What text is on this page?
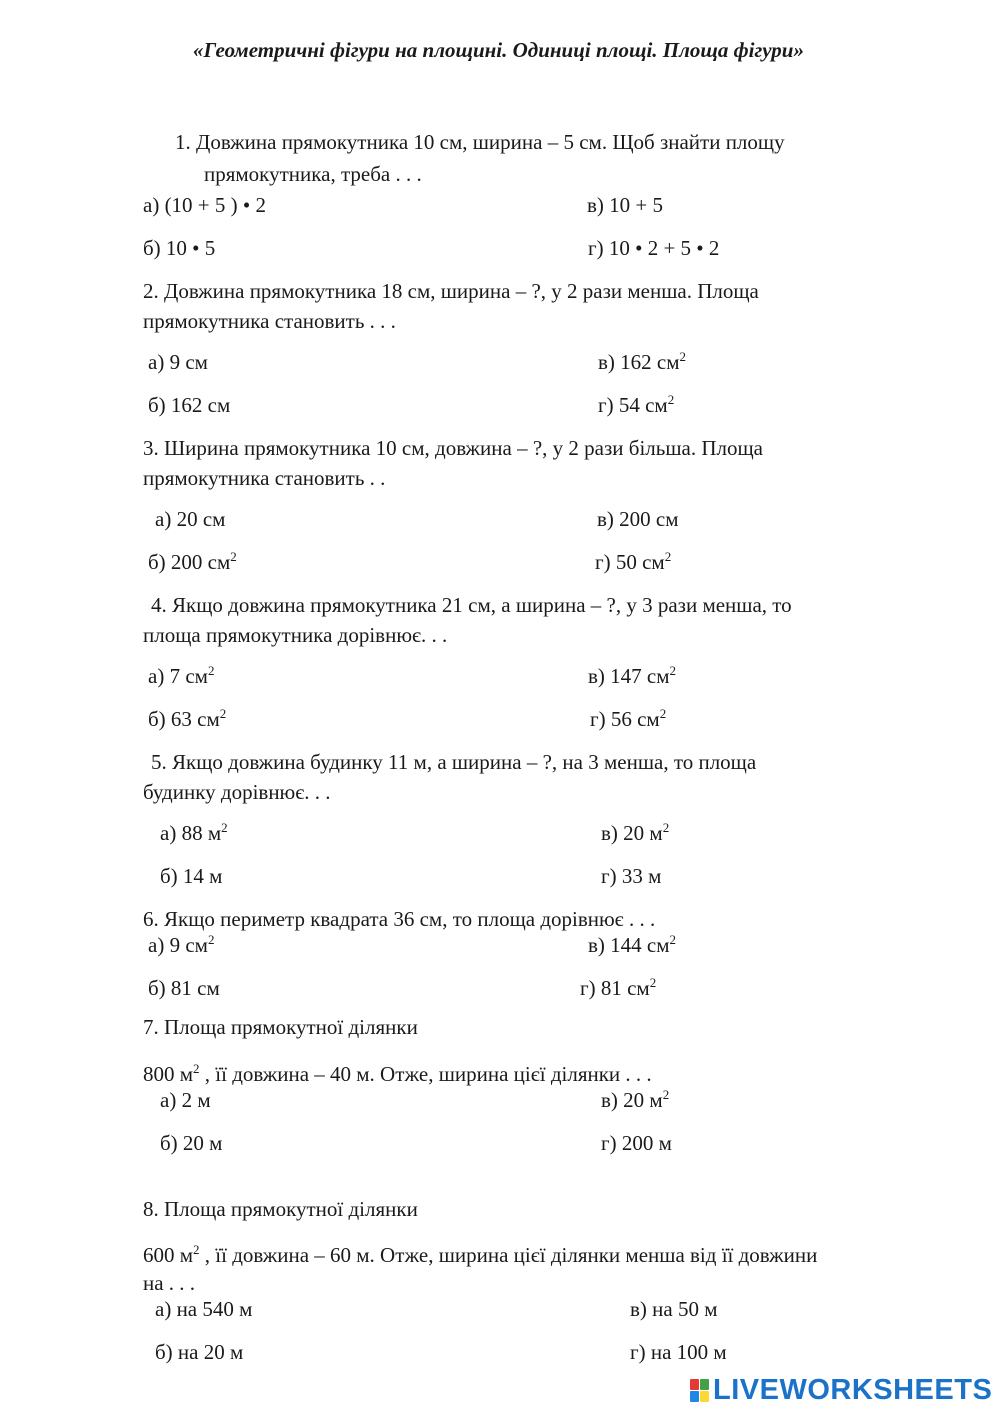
«Геометричні фігури на площині. Одиниці площі. Площа фігури»
1. Довжина прямокутника 10 см, ширина – 5 см. Щоб знайти площу
прямокутника, треба . . .
а) (10 + 5 ) • 2	в) 10 + 5
б) 10 • 5	г) 10 • 2 + 5 • 2
2. Довжина прямокутника 18 см, ширина – ?, у 2 рази менша. Площа
прямокутника становить . . .
а) 9 см	в) 162 $см^2$
б) 162 см	г) 54 $см^2$
3. Ширина прямокутника 10 см, довжина – ?, у 2 рази більша. Площа
прямокутника становить . .
а) 20 см	в) 200 см
б) 200 $см^2$	г) 50 $см^2$
4. Якщо довжина прямокутника 21 см, а ширина – ?, у 3 рази менша, то
площа прямокутника дорівнює. . .
а) 7 $см^2$	в) 147 $см^2$
б) 63 $см^2$	г) 56 $см^2$
5. Якщо довжина будинку 11 м, а ширина – ?, на 3 менша, то площа
будинку дорівнює. . .
а) 88 $м^2$	в) 20 $м^2$
б) 14 м	г) 33 м
6. Якщо периметр квадрата 36 см, то площа дорівнює . . .
а) 9 $см^2$	в) 144 $см^2$
б) 81 см	г) 81 $см^2$
7. Площа прямокутної ділянки
800 $м^2$ , її довжина – 40 м. Отже, ширина цієї ділянки . . .
а) 2 м	в) 20 $м^2$
б) 20 м	г) 200 м
8. Площа прямокутної ділянки
600 $м^2$ , її довжина – 60 м. Отже, ширина цієї ділянки менша від її довжини
на . . .
а) на 540 м	в) на 50 м
б) на 20 м	г) на 100 м
LIVEWORKSHEETS
